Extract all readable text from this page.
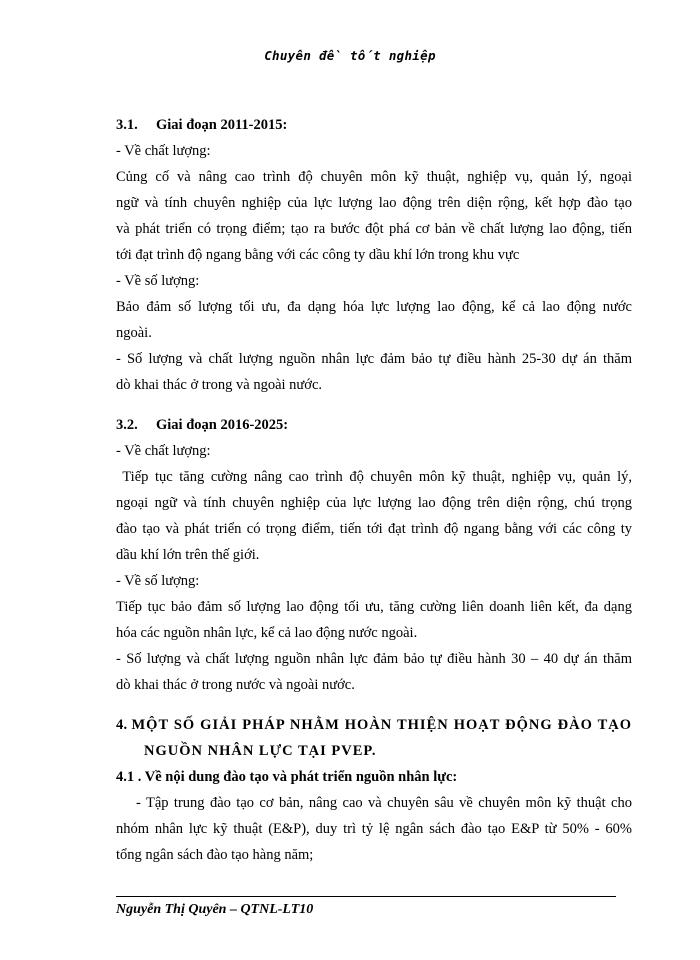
Chuyên đề tốt nghiệp
3.1. Giai đoạn 2011-2015:
- Về chất lượng:
Củng cố và nâng cao trình độ chuyên môn kỹ thuật, nghiệp vụ, quản lý, ngoại
ngữ và tính chuyên nghiệp của lực lượng lao động trên diện rộng, kết hợp đào tạo
và phát triển có trọng điểm; tạo ra bước đột phá cơ bản về chất lượng lao động, tiến
tới đạt trình độ ngang bằng với các công ty dầu khí lớn trong khu vực
- Về số lượng:
Bảo đảm số lượng tối ưu, đa dạng hóa lực lượng lao động, kể cả lao động nước
ngoài.
- Số lượng và chất lượng nguồn nhân lực đảm bảo tự điều hành 25-30 dự án thăm
dò khai thác ở trong và ngoài nước.
3.2. Giai đoạn 2016-2025:
- Về chất lượng:
Tiếp tục tăng cường nâng cao trình độ chuyên môn kỹ thuật, nghiệp vụ, quản lý,
ngoại ngữ và tính chuyên nghiệp của lực lượng lao động trên diện rộng, chú trọng
đào tạo và phát triển có trọng điểm, tiến tới đạt trình độ ngang bằng với các công ty
dầu khí lớn trên thế giới.
- Về số lượng:
Tiếp tục bảo đảm số lượng lao động tối ưu, tăng cường liên doanh liên kết, đa dạng
hóa các nguồn nhân lực, kể cả lao động nước ngoài.
- Số lượng và chất lượng nguồn nhân lực đảm bảo tự điều hành 30 – 40 dự án thăm
dò khai thác ở trong nước và ngoài nước.
4. MỘT SỐ GIẢI PHÁP NHẰM HOÀN THIỆN HOẠT ĐỘNG ĐÀO TẠO
NGUỒN NHÂN LỰC TẠI PVEP.
4.1 . Về nội dung đào tạo và phát triển nguồn nhân lực:
- Tập trung đào tạo cơ bản, nâng cao và chuyên sâu về chuyên môn kỹ thuật cho
nhóm nhân lực kỹ thuật (E&P), duy trì tỷ lệ ngân sách đào tạo E&P từ 50% - 60%
tổng ngân sách đào tạo hàng năm;
Nguyễn Thị Quyên – QTNL-LT10
